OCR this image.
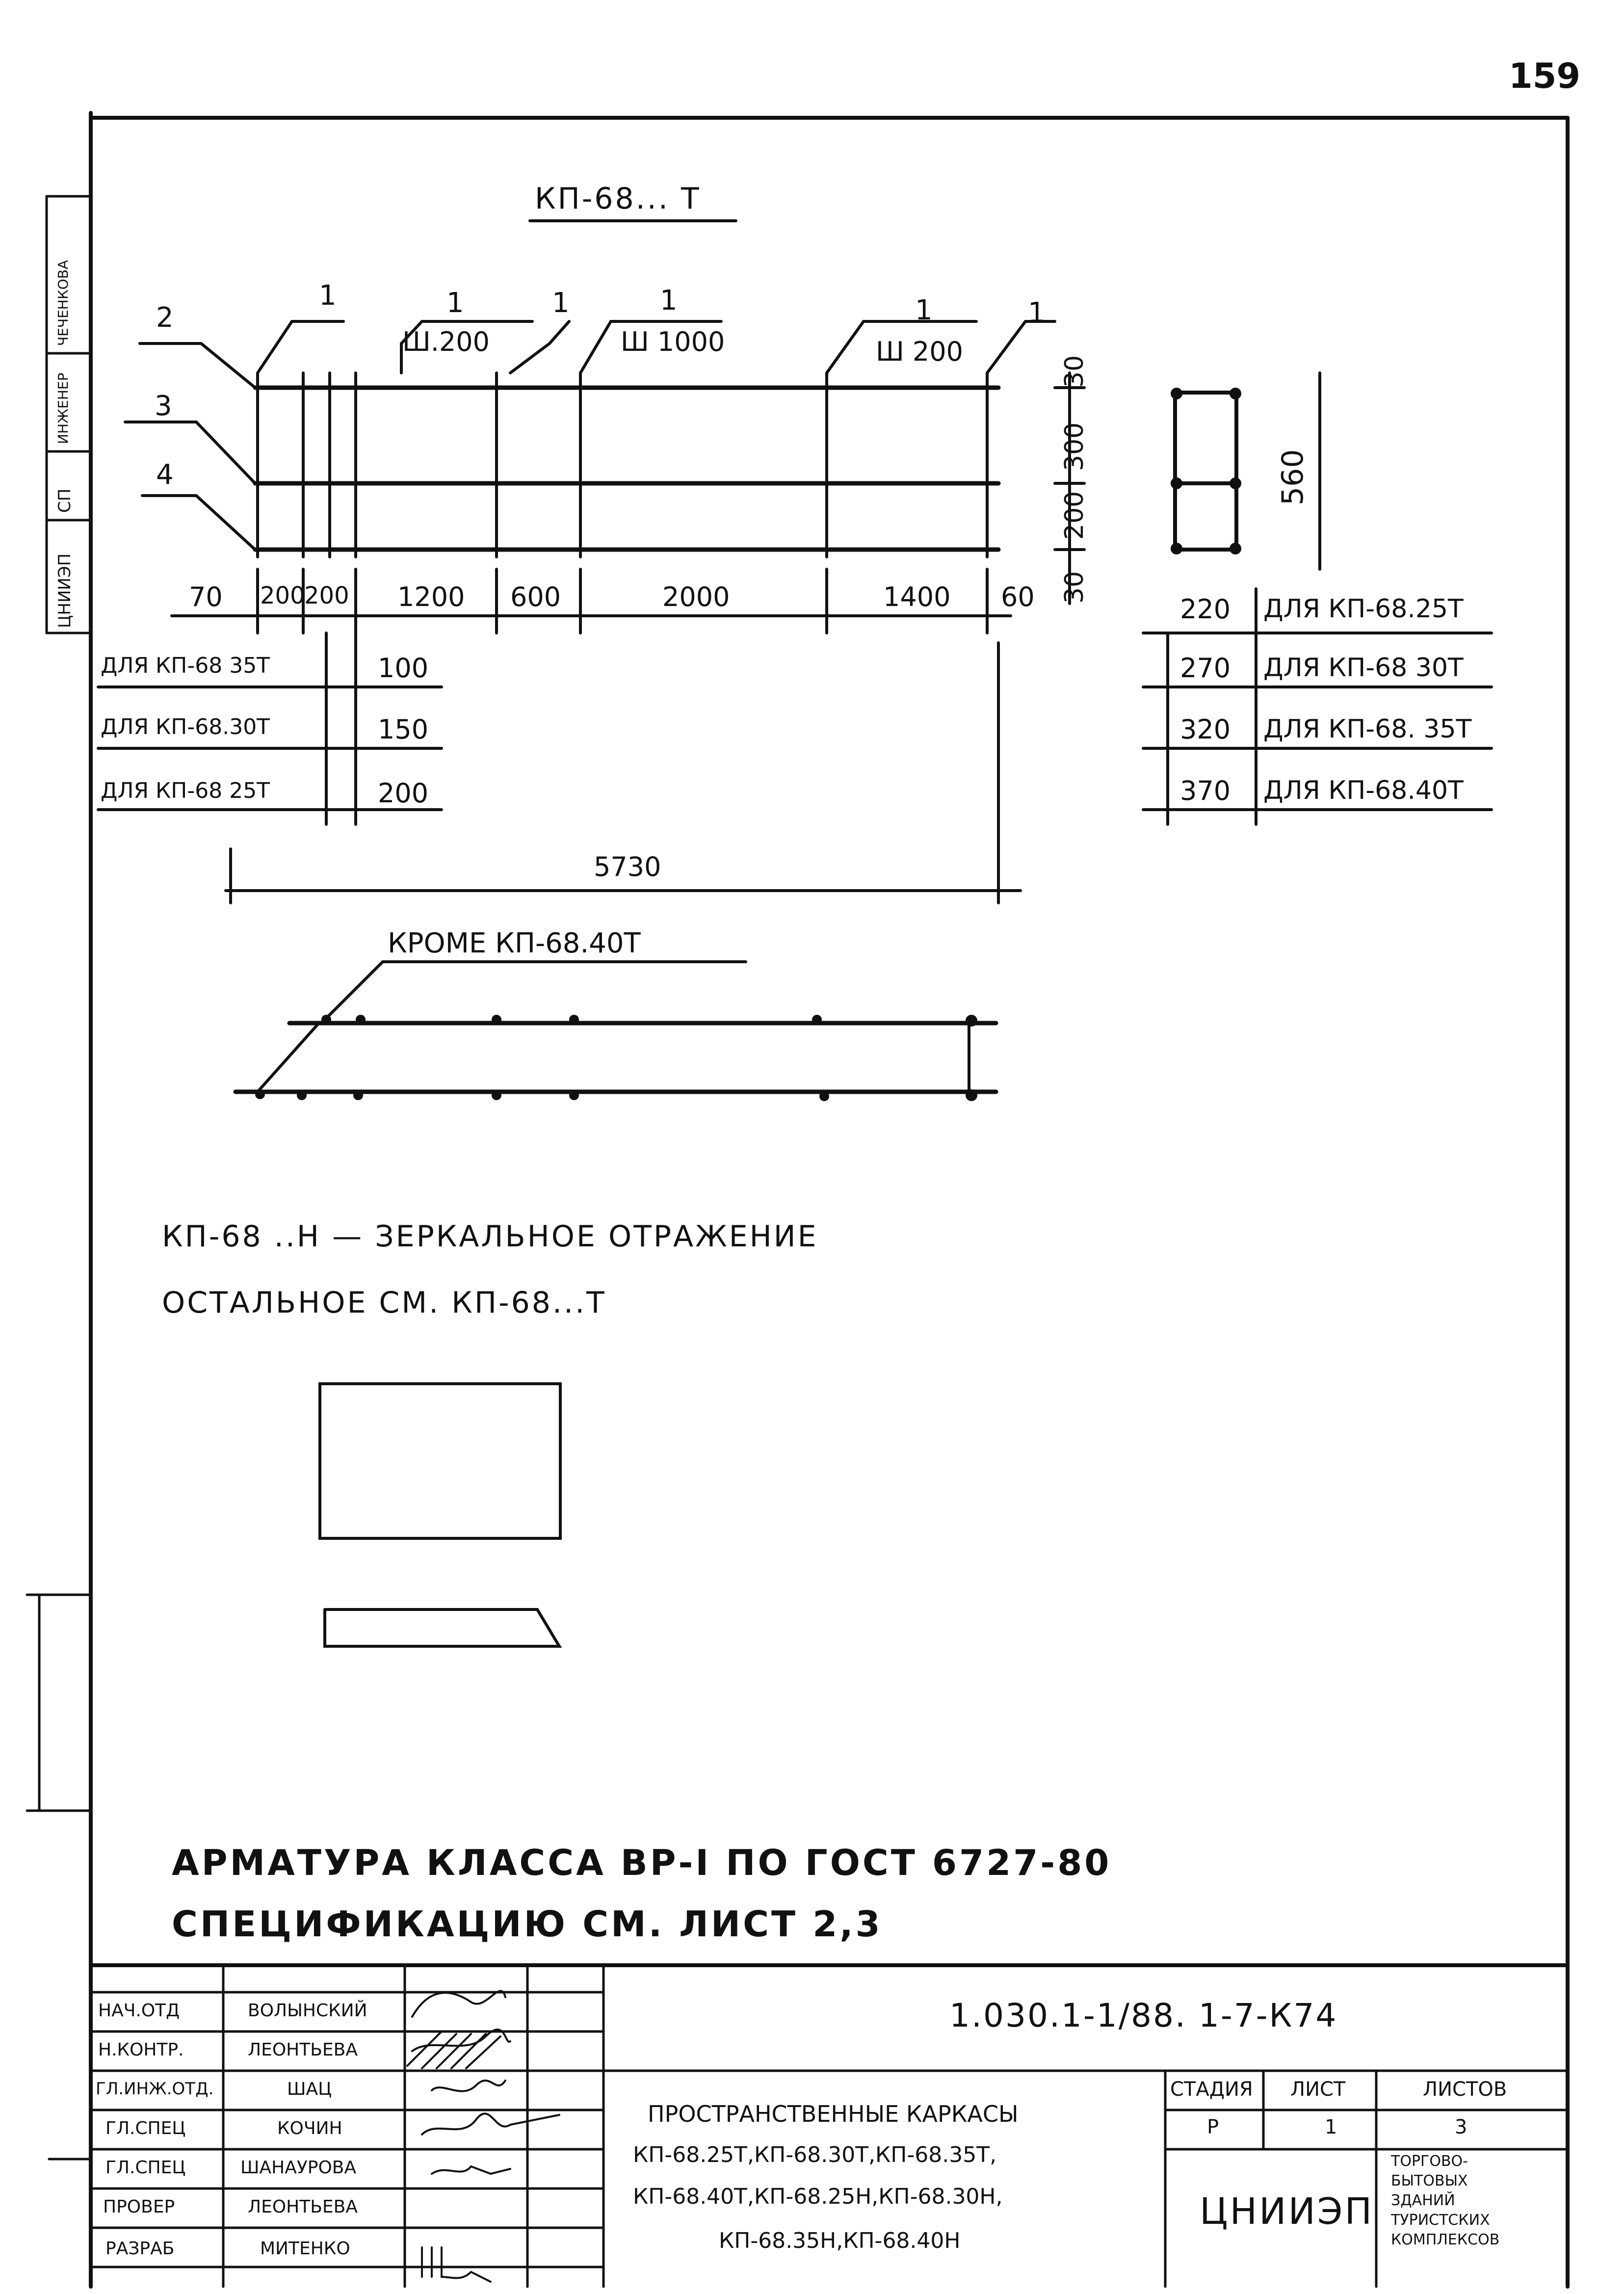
159
КП-68... Т
1	1	1	1	1	1
2
3
4
Ш.200	Ш 1000	Ш 200
70 200
200 1200 600	2000	1400 60
30
300
200
30
ДЛЯ КП-68 35Т	100
ДЛЯ КП-68.30Т	150
ДЛЯ КП-68 25Т	200
5730
560
220 ДЛЯ КП-68.25Т
270 ДЛЯ КП-68 30Т
320 ДЛЯ КП-68. 35Т
370 ДЛЯ КП-68.40Т
КРОМЕ КП-68.40Т
КП-68 ..Н — ЗЕРКАЛЬНОЕ ОТРАЖЕНИЕ
ОСТАЛЬНОЕ СМ. КП-68...Т
АРМАТУРА КЛАССА ВР-I ПО ГОСТ 6727-80
СПЕЦИФИКАЦИЮ СМ. ЛИСТ 2,3
ЦНИИЭП
СП
ИНЖЕНЕР
ЧЕЧЕНКОВА
1.030.1-1/88. 1-7-К74
ПРОСТРАНСТВЕННЫЕ КАРКАСЫ
КП-68.25Т,КП-68.30Т,КП-68.35Т,
КП-68.40Т,КП-68.25Н,КП-68.30Н,
КП-68.35Н,КП-68.40Н
СТАДИЯ ЛИСТ	ЛИСТОВ
Р	1	3
ЦНИИЭП
ТОРГОВО-
БЫТОВЫХ
ЗДАНИЙ
ТУРИСТСКИХ
КОМПЛЕКСОВ
НАЧ.ОТД	ВОЛЫНСКИЙ
Н.КОНТР.	ЛЕОНТЬЕВА
ГЛ.ИНЖ.ОТД.	ШАЦ
ГЛ.СПЕЦ	КОЧИН
ГЛ.СПЕЦ	ШАНАУРОВА
ПРОВЕР	ЛЕОНТЬЕВА
РАЗРАБ	МИТЕНКО
